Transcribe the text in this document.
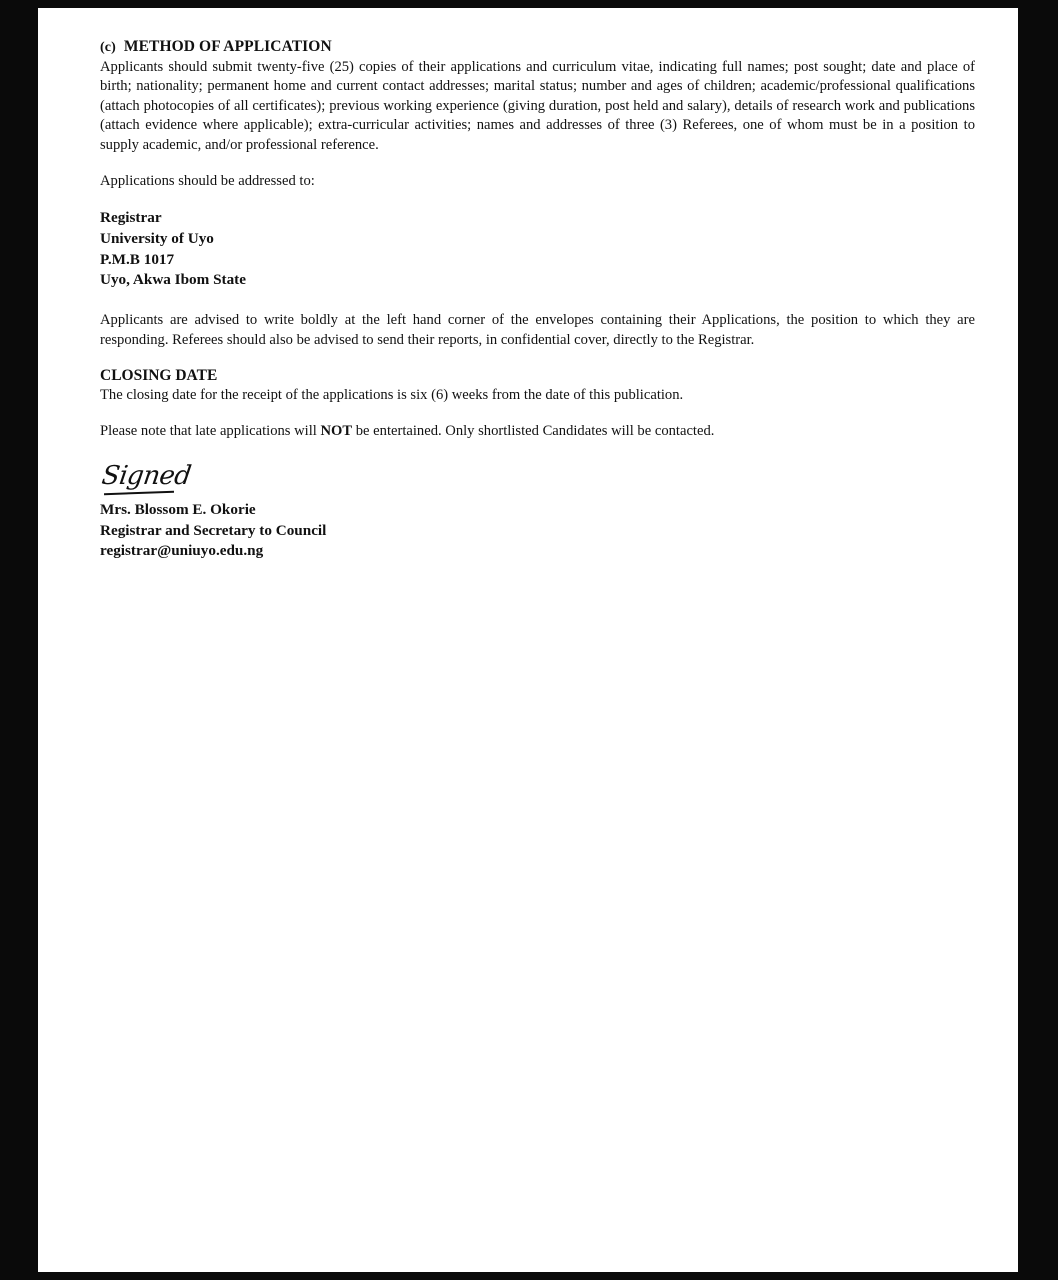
(c) METHOD OF APPLICATION

Applicants should submit twenty-five (25) copies of their applications and curriculum vitae, indicating full names; post sought; date and place of birth; nationality; permanent home and current contact addresses; marital status; number and ages of children; academic/professional qualifications (attach photocopies of all certificates); previous working experience (giving duration, post held and salary), details of research work and publications (attach evidence where applicable); extra-curricular activities; names and addresses of three (3) Referees, one of whom must be in a position to supply academic, and/or professional reference.

Applications should be addressed to:

Registrar
University of Uyo
P.M.B 1017
Uyo, Akwa Ibom State

Applicants are advised to write boldly at the left hand corner of the envelopes containing their Applications, the position to which they are responding. Referees should also be advised to send their reports, in confidential cover, directly to the Registrar.

CLOSING DATE

The closing date for the receipt of the applications is six (6) weeks from the date of this publication.

Please note that late applications will NOT be entertained. Only shortlisted Candidates will be contacted.

Signed
Mrs. Blossom E. Okorie
Registrar and Secretary to Council
registrar@uniuyo.edu.ng
